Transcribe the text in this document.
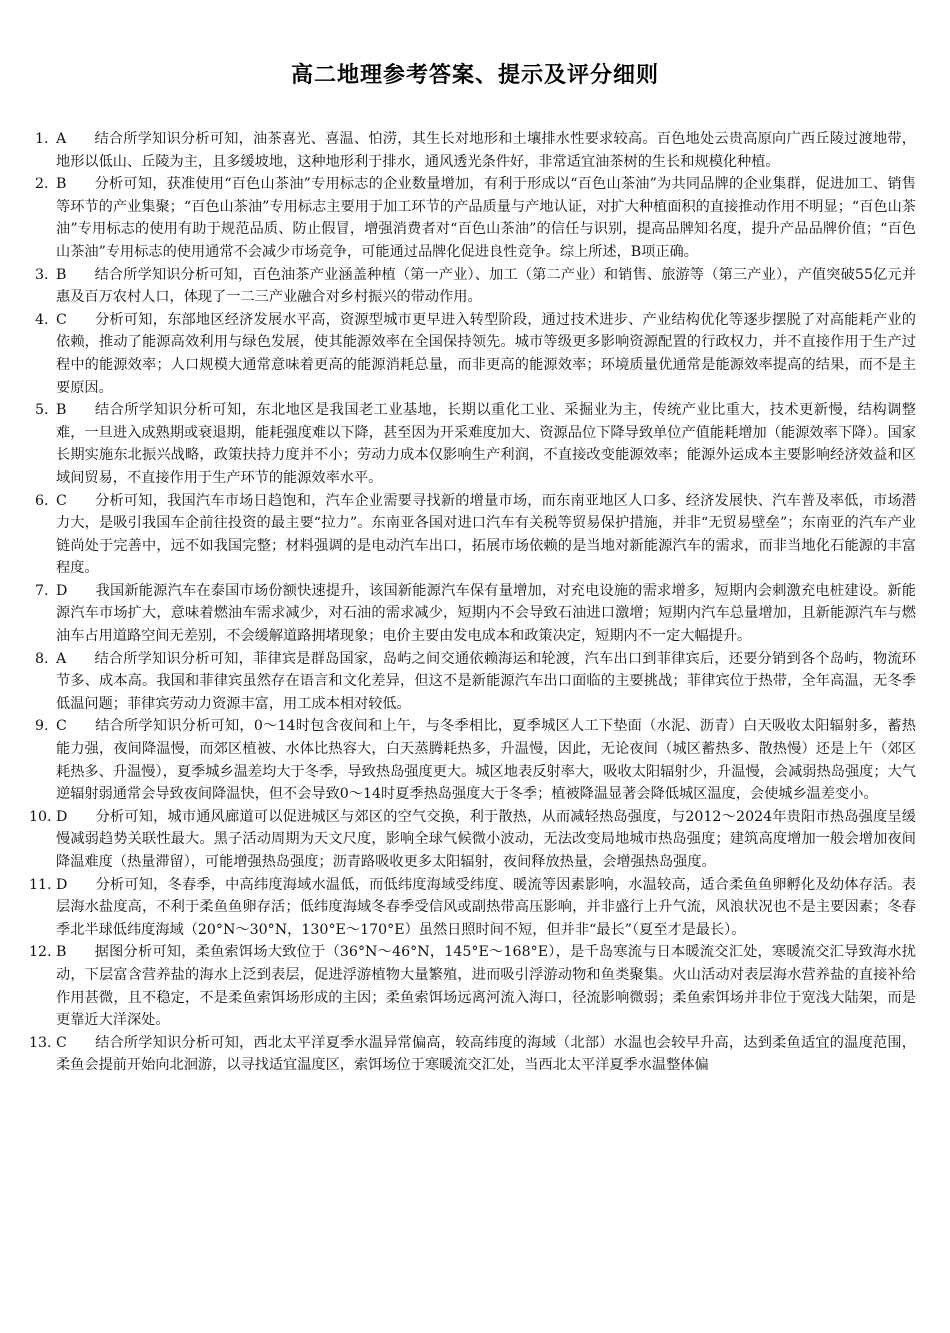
高二地理参考答案、提示及评分细则

1. A 结合所学知识分析可知，油茶喜光、喜温、怕涝，其生长对地形和土壤排水性要求较高。百色地处云贵高原向广西丘陵过渡地带，地形以低山、丘陵为主，且多缓坡地，这种地形利于排水，通风透光条件好，非常适宜油茶树的生长和规模化种植。

2. B 分析可知，获准使用“百色山茶油”专用标志的企业数量增加，有利于形成以“百色山茶油”为共同品牌的企业集群，促进加工、销售等环节的产业集聚；“百色山茶油”专用标志主要用于加工环节的产品质量与产地认证，对扩大种植面积的直接推动作用不明显；“百色山茶油”专用标志的使用有助于规范品质、防止假冒，增强消费者对“百色山茶油”的信任与识别，提高品牌知名度，提升产品品牌价值；“百色山茶油”专用标志的使用通常不会减少市场竞争，可能通过品牌化促进良性竞争。综上所述，B项正确。

3. B 结合所学知识分析可知，百色油茶产业涵盖种植（第一产业）、加工（第二产业）和销售、旅游等（第三产业），产值突破55亿元并惠及百万农村人口，体现了一二三产业融合对乡村振兴的带动作用。

4. C 分析可知，东部地区经济发展水平高，资源型城市更早进入转型阶段，通过技术进步、产业结构优化等逐步摆脱了对高能耗产业的依赖，推动了能源高效利用与绿色发展，使其能源效率在全国保持领先。城市等级更多影响资源配置的行政权力，并不直接作用于生产过程中的能源效率；人口规模大通常意味着更高的能源消耗总量，而非更高的能源效率；环境质量优通常是能源效率提高的结果，而不是主要原因。

5. B 结合所学知识分析可知，东北地区是我国老工业基地，长期以重化工业、采掘业为主，传统产业比重大，技术更新慢，结构调整难，一旦进入成熟期或衰退期，能耗强度难以下降，甚至因为开采难度加大、资源品位下降导致单位产值能耗增加（能源效率下降）。国家长期实施东北振兴战略，政策扶持力度并不小；劳动力成本仅影响生产利润，不直接改变能源效率；能源外运成本主要影响经济效益和区域间贸易，不直接作用于生产环节的能源效率水平。

6. C 分析可知，我国汽车市场日趋饱和，汽车企业需要寻找新的增量市场，而东南亚地区人口多、经济发展快、汽车普及率低，市场潜力大，是吸引我国车企前往投资的最主要“拉力”。东南亚各国对进口汽车有关税等贸易保护措施，并非“无贸易壁垒”；东南亚的汽车产业链尚处于完善中，远不如我国完整；材料强调的是电动汽车出口，拓展市场依赖的是当地对新能源汽车的需求，而非当地化石能源的丰富程度。

7. D 我国新能源汽车在泰国市场份额快速提升，该国新能源汽车保有量增加，对充电设施的需求增多，短期内会刺激充电桩建设。新能源汽车市场扩大，意味着燃油车需求减少，对石油的需求减少，短期内不会导致石油进口激增；短期内汽车总量增加，且新能源汽车与燃油车占用道路空间无差别，不会缓解道路拥堵现象；电价主要由发电成本和政策决定，短期内不一定大幅提升。

8. A 结合所学知识分析可知，菲律宾是群岛国家，岛屿之间交通依赖海运和轮渡，汽车出口到菲律宾后，还要分销到各个岛屿，物流环节多、成本高。我国和菲律宾虽然存在语言和文化差异，但这不是新能源汽车出口面临的主要挑战；菲律宾位于热带，全年高温，无冬季低温问题；菲律宾劳动力资源丰富，用工成本相对较低。

9. C 结合所学知识分析可知，0～14时包含夜间和上午，与冬季相比，夏季城区人工下垫面（水泥、沥青）白天吸收太阳辐射多，蓄热能力强，夜间降温慢，而郊区植被、水体比热容大，白天蒸腾耗热多，升温慢，因此，无论夜间（城区蓄热多、散热慢）还是上午（郊区耗热多、升温慢），夏季城乡温差均大于冬季，导致热岛强度更大。城区地表反射率大，吸收太阳辐射少，升温慢，会减弱热岛强度；大气逆辐射弱通常会导致夜间降温快，但不会导致0～14时夏季热岛强度大于冬季；植被降温显著会降低城区温度，会使城乡温差变小。

10. D 分析可知，城市通风廊道可以促进城区与郊区的空气交换，利于散热，从而减轻热岛强度，与2012～2024年贵阳市热岛强度呈缓慢减弱趋势关联性最大。黑子活动周期为天文尺度，影响全球气候微小波动，无法改变局地城市热岛强度；建筑高度增加一般会增加夜间降温难度（热量滞留），可能增强热岛强度；沥青路吸收更多太阳辐射，夜间释放热量，会增强热岛强度。

11. D 分析可知，冬春季，中高纬度海域水温低，而低纬度海域受纬度、暖流等因素影响，水温较高，适合柔鱼鱼卵孵化及幼体存活。表层海水盐度高，不利于柔鱼鱼卵存活；低纬度海域冬春季受信风或副热带高压影响，并非盛行上升气流，风浪状况也不是主要因素；冬春季北半球低纬度海域（20°N～30°N，130°E～170°E）虽然日照时间不短，但并非“最长”（夏至才是最长）。

12. B 据图分析可知，柔鱼索饵场大致位于（36°N～46°N，145°E～168°E），是千岛寒流与日本暖流交汇处，寒暖流交汇导致海水扰动，下层富含营养盐的海水上泛到表层，促进浮游植物大量繁殖，进而吸引浮游动物和鱼类聚集。火山活动对表层海水营养盐的直接补给作用甚微，且不稳定，不是柔鱼索饵场形成的主因；柔鱼索饵场远离河流入海口，径流影响微弱；柔鱼索饵场并非位于宽浅大陆架，而是更靠近大洋深处。

13. C 结合所学知识分析可知，西北太平洋夏季水温异常偏高，较高纬度的海域（北部）水温也会较早升高，达到柔鱼适宜的温度范围，柔鱼会提前开始向北洄游，以寻找适宜温度区，索饵场位于寒暖流交汇处，当西北太平洋夏季水温整体偏
